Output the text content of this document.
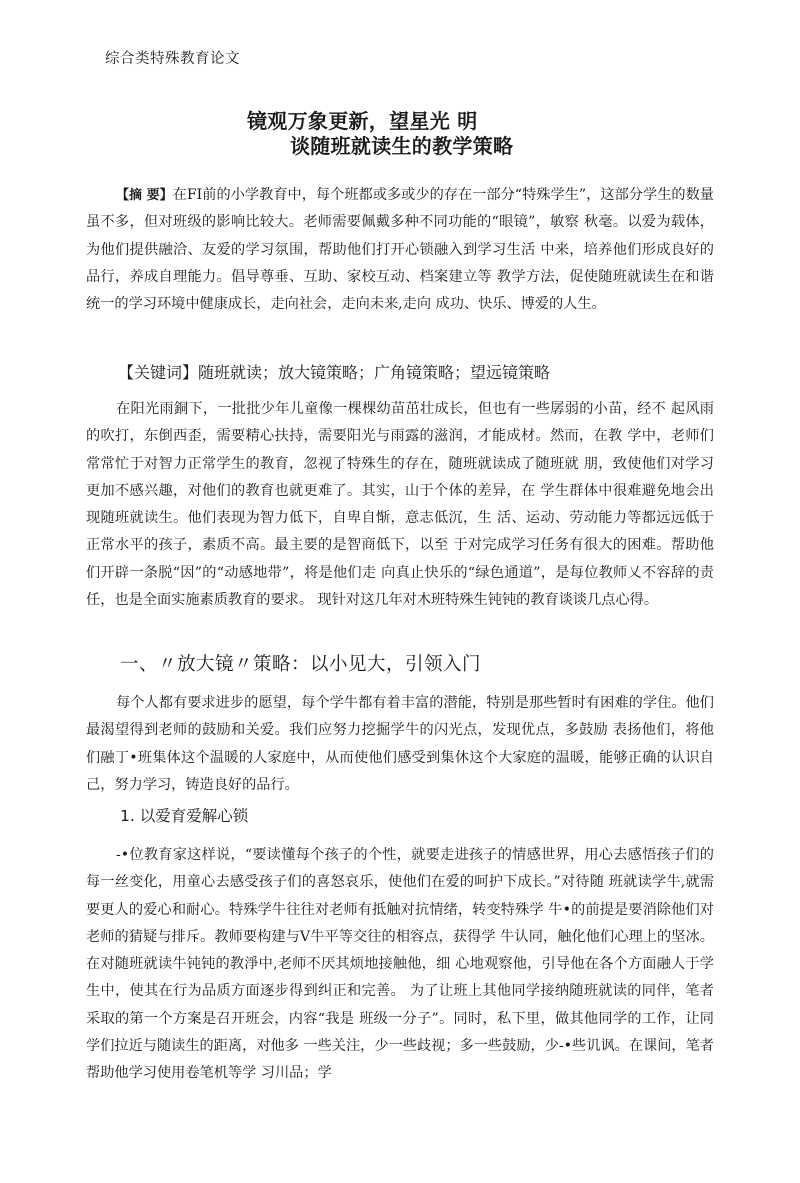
综合类特殊教育论文
镜观万象更新，望星光 明
谈随班就读生的教学策略

【摘 要】在FI前的小学教育中，每个班都或多或少的存在一部分“特殊学生”，这部分学生的数量虽不多，但对班级的影响比较大。老师需要佩戴多种不同功能的“眼镜”，敏察 秋毫。以爱为载体，为他们提供融洽、友爱的学习氛围，帮助他们打开心锁融入到学习生活 中来，培养他们形成良好的品行，养成自理能力。倡导尊垂、互助、家校互动、档案建立等 教学方法，促使随班就读生在和谐统一的学习环境中健康成长，走向社会，走向未来,走向 成功、快乐、博爱的人生。

【关键词】随班就读；放大镜策略；广角镜策略；望远镜策略

在阳光雨銅下，一批批少年儿童像一棵棵幼苗茁壮成长，但也有一些孱弱的小苗，经不 起风雨的吹打，东倒西歪，需要精心扶持，需要阳光与雨露的滋润，才能成材。然而，在教 学中，老师们常常忙于对智力正常学生的教育，忽视了特殊生的存在，随班就读成了随班就 朋，致使他们对学习更加不感兴趣，对他们的教育也就更难了。其实，山于个体的差异，在 学生群体中很难避免地会出现随班就读生。他们表现为智力低下，自卑自惭，意志低沉，生 活、运动、劳动能力等都远远低于正常水平的孩子，素质不高。最主要的是智商低下，以至 于对完成学习任务有很大的困难。帮助他们开辟一条脱“因”的“动感地带”，将是他们走 向真止快乐的“绿色通道”，是每位教师乂不容辞的责任，也是全面实施素质教育的要求。 现针对这几年对木班特殊生钝钝的教育谈谈几点心得。

一、〃放大镜〃策略：以小见大，引领入门

每个人都有要求进步的愿望，每个学牛都有着丰富的潜能，特别是那些暂时有困难的学住。他们最渴望得到老师的鼓励和关爱。我们应努力挖掘学牛的闪光点，发现优点，多鼓励 表扬他们，将他们融丁•班集体这个温暖的人家庭中，从而使他们感受到集休这个大家庭的温暖，能够正确的认识自己，努力学习，铸造良好的品行。

1. 以爱育爱解心锁

-•位教育家这样说，“要读懂每个孩子的个性，就要走进孩子的情感世界，用心去感悟孩子们的每一丝变化，用童心去感受孩子们的喜怒哀乐，使他们在爱的呵护下成长。”对待随 班就读学牛,就需要更人的爱心和耐心。特殊学牛往往对老师有抵触对抗情绪，转变特殊学 牛•的前提是要消除他们对老师的猜疑与排斥。教师要构建与V牛平等交往的相容点，获得学 牛认同，触化他们心理上的坚冰。在对随班就读牛钝钝的教淨中,老师不厌其烦地接触他，细 心地观察他，引导他在各个方面融人于学生中，使其在行为品质方面逐步得到纠正和完善。 为了让班上其他同学接纳随班就读的同伴，笔者采取的第一个方案是召开班会，内容“我是 班级一分子”。同时，私下里，做其他同学的工作，让同学们拉近与随读生的距离，对他多 一些关注，少一些歧视；多一些鼓励，少-•些讥讽。在课间，笔者帮助他学习使用卷笔机等学 习川品；学
